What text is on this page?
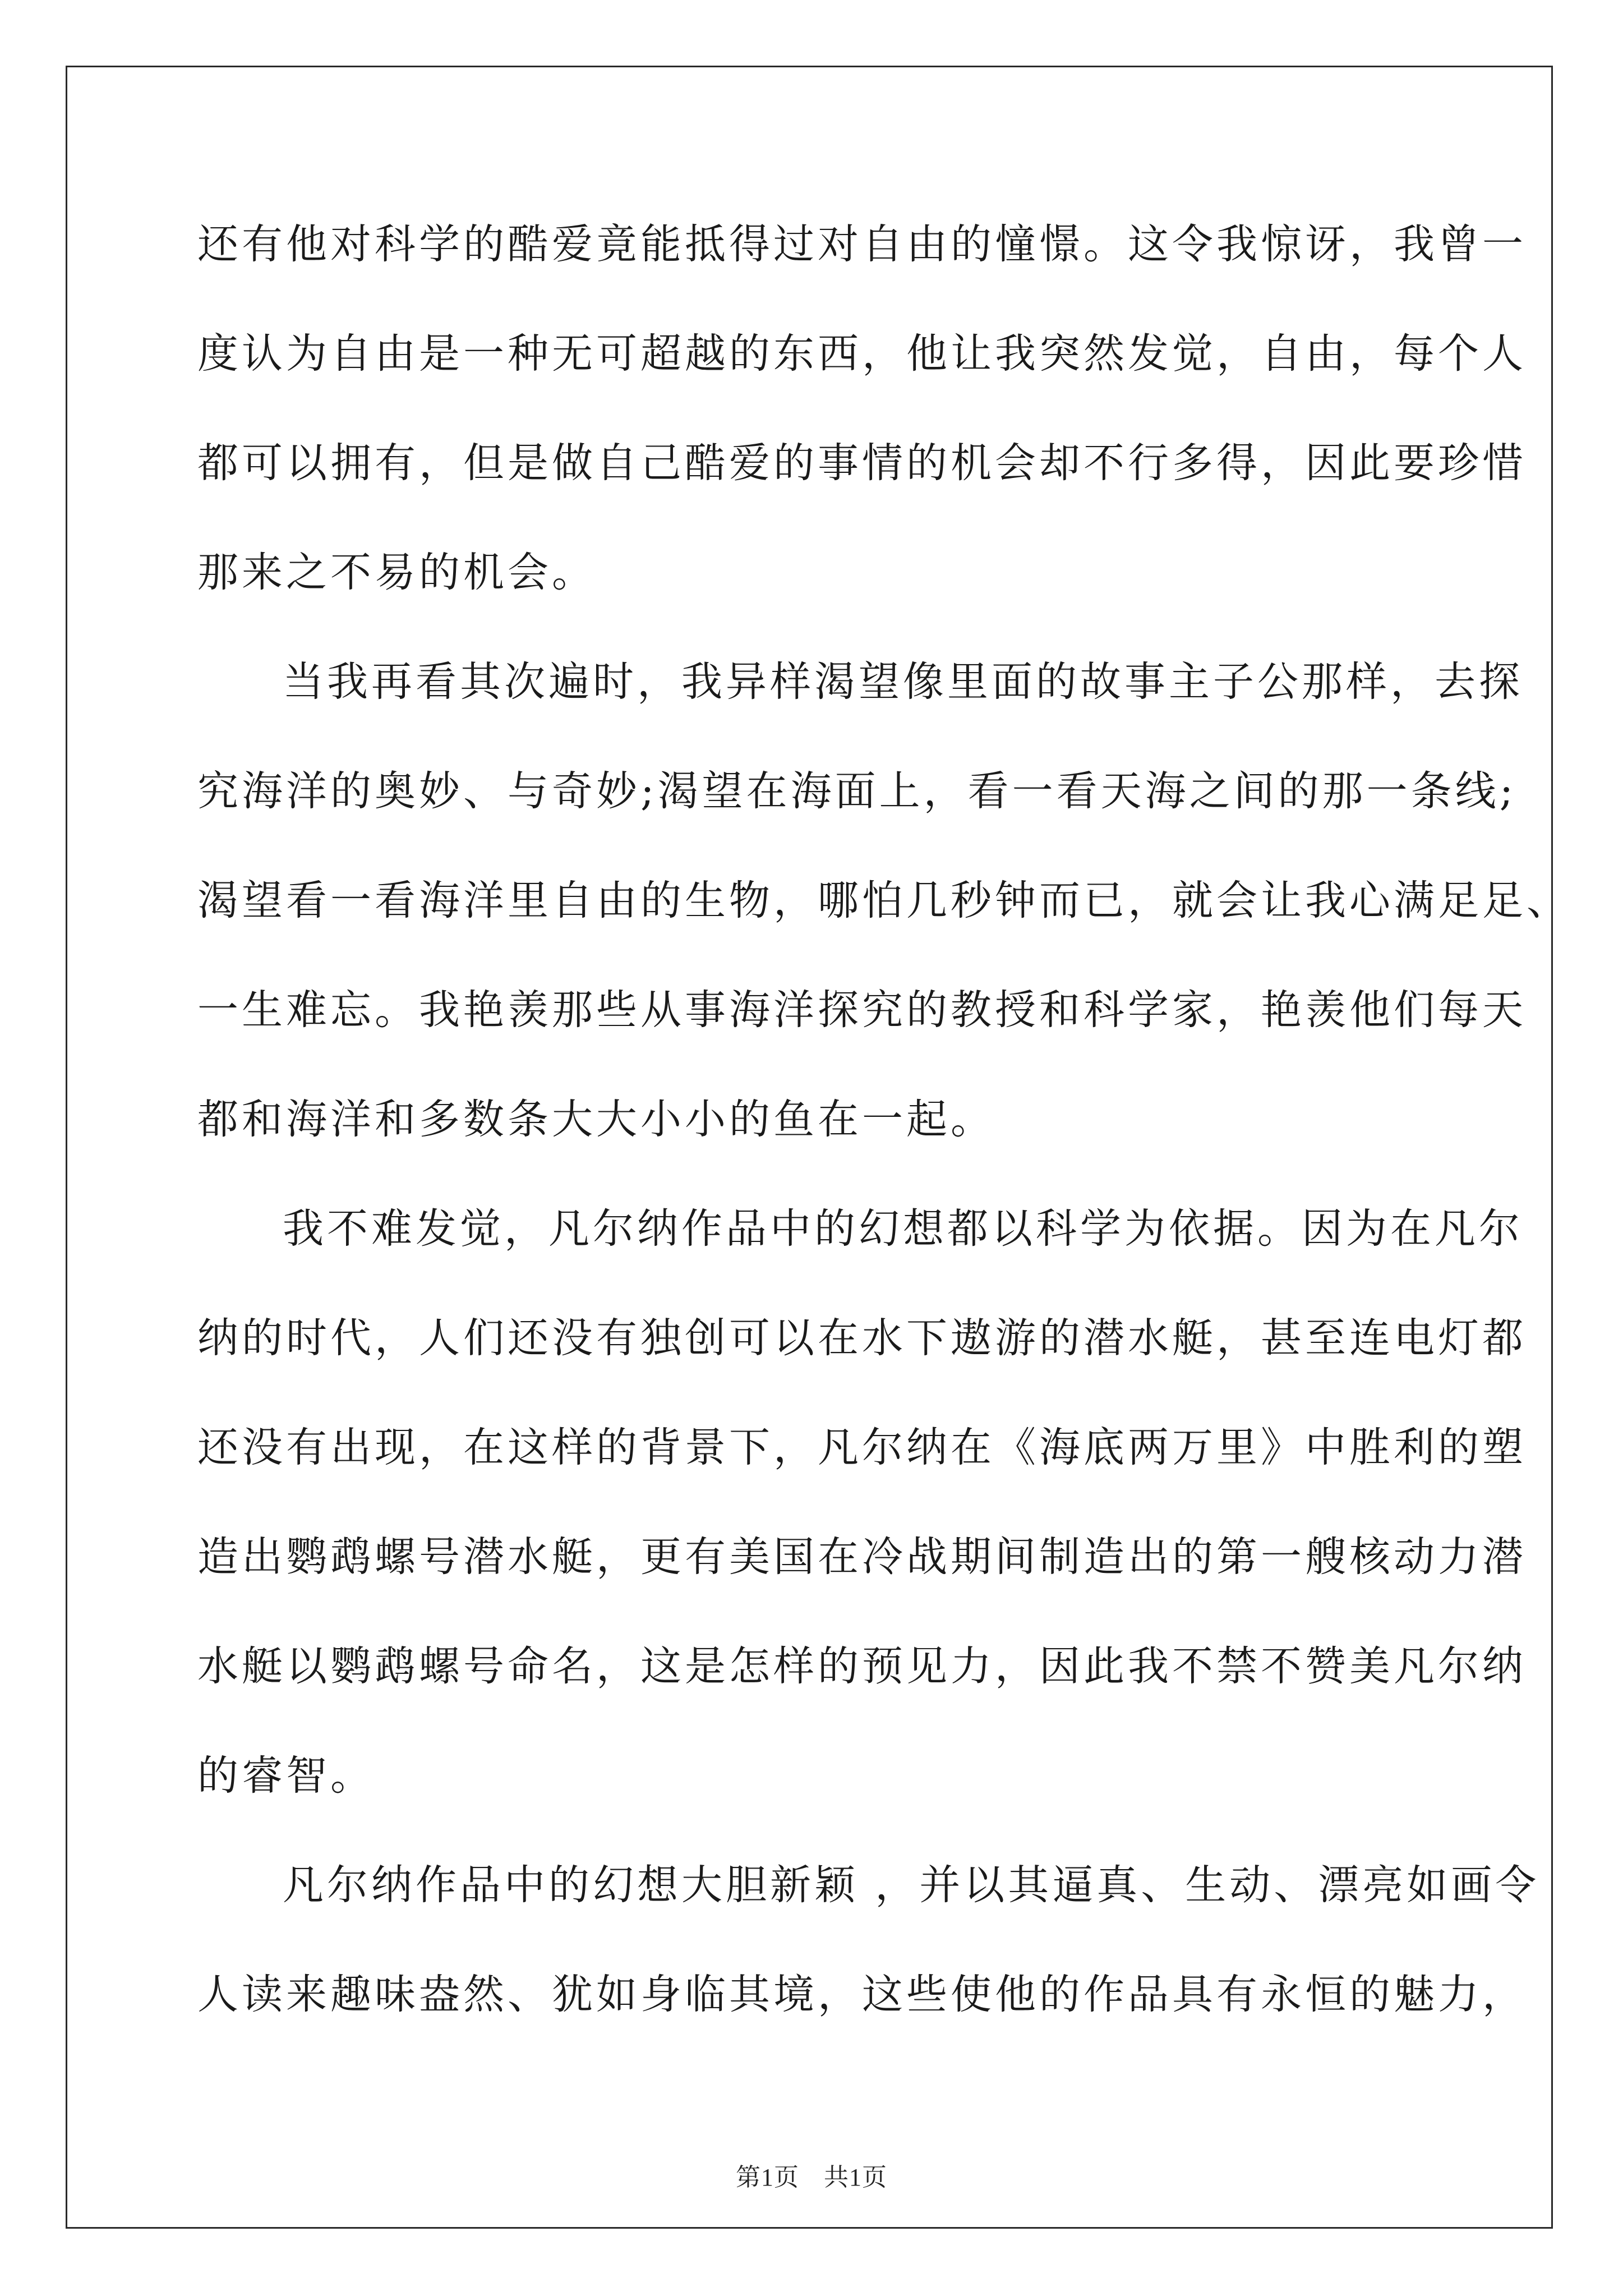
还有他对科学的酷爱竟能抵得过对自由的憧憬。这令我惊讶，我曾一
度认为自由是一种无可超越的东西，他让我突然发觉，自由，每个人
都可以拥有，但是做自己酷爱的事情的机会却不行多得，因此要珍惜
那来之不易的机会。

当我再看其次遍时，我异样渴望像里面的故事主子公那样，去探
究海洋的奥妙、与奇妙;渴望在海面上，看一看天海之间的那一条线;
渴望看一看海洋里自由的生物，哪怕几秒钟而已，就会让我心满足足、
一生难忘。我艳羡那些从事海洋探究的教授和科学家，艳羡他们每天
都和海洋和多数条大大小小的鱼在一起。

我不难发觉，凡尔纳作品中的幻想都以科学为依据。因为在凡尔
纳的时代，人们还没有独创可以在水下遨游的潜水艇，甚至连电灯都
还没有出现，在这样的背景下，凡尔纳在《海底两万里》中胜利的塑
造出鹦鹉螺号潜水艇，更有美国在冷战期间制造出的第一艘核动力潜
水艇以鹦鹉螺号命名，这是怎样的预见力，因此我不禁不赞美凡尔纳
的睿智。

凡尔纳作品中的幻想大胆新颖 ，并以其逼真、生动、漂亮如画令
人读来趣味盎然、犹如身临其境，这些使他的作品具有永恒的魅力，

第1页 共1页
